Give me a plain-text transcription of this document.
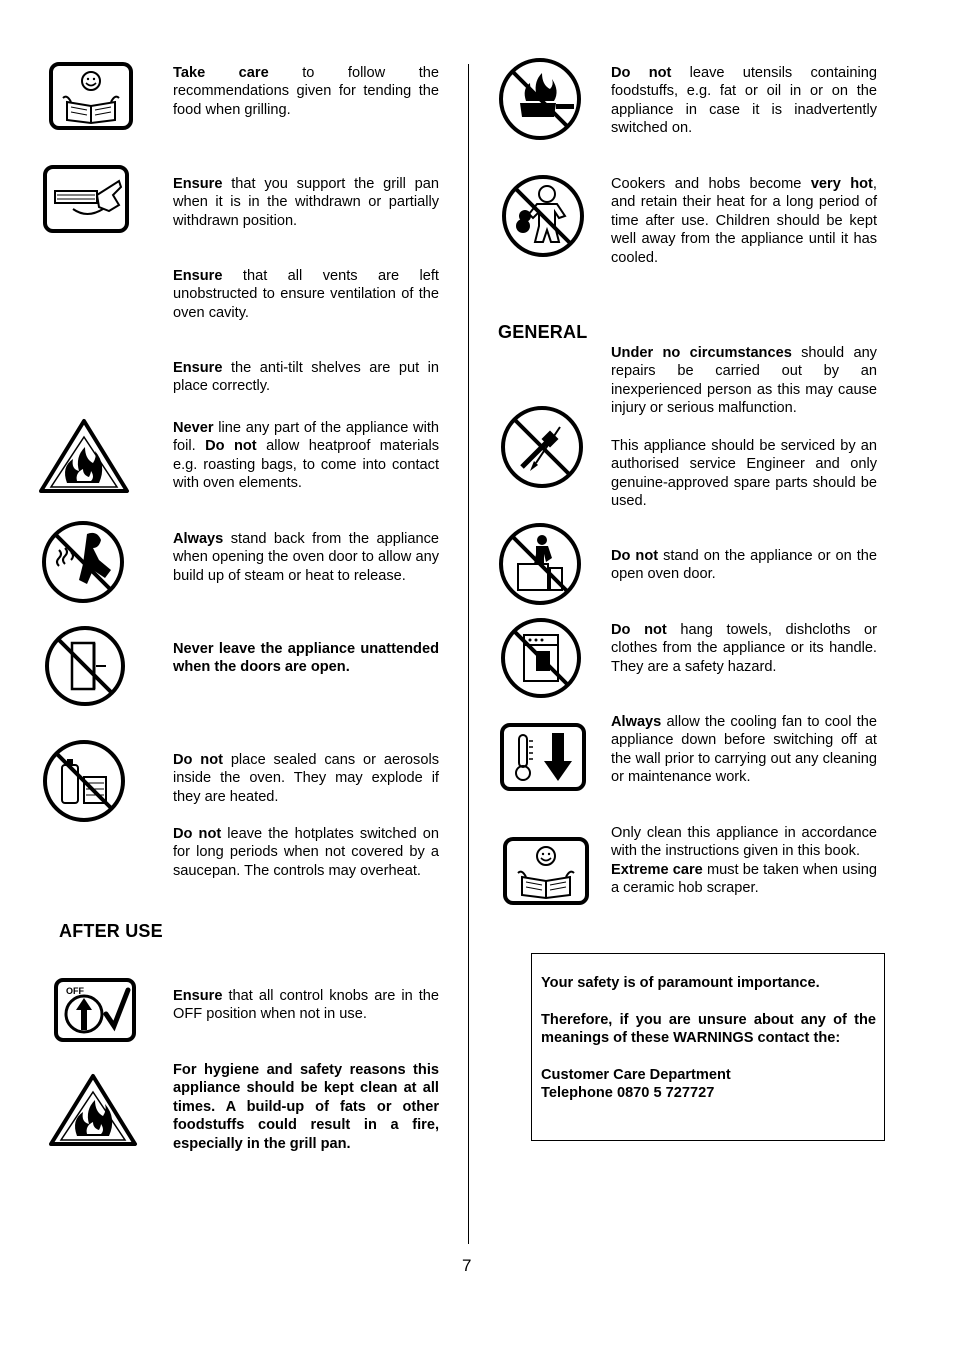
Take care to follow the recommendations given for tending the food when grilling.

Ensure that you support the grill pan when it is in the withdrawn or partially withdrawn position.

Ensure that all vents are left unobstructed to ensure ventilation of the oven cavity.

Ensure the anti-tilt shelves are put in place correctly.

Never line any part of the appliance with foil. Do not allow heatproof materials e.g. roasting bags, to come into contact with oven elements.

Always stand back from the appliance when opening the oven door to allow any build up of steam or heat to release.

Never leave the appliance unattended when the doors are open.

Do not place sealed cans or aerosols inside the oven. They may explode if they are heated.

Do not leave the hotplates switched on for long periods when not covered by a saucepan. The controls may overheat.

AFTER USE
OFF	Ensure that all control knobs are in the OFF position when not in use.

For hygiene and safety reasons this appliance should be kept clean at all times. A build-up of fats or other foodstuffs could result in a fire, especially in the grill pan.

Do not leave utensils containing foodstuffs, e.g. fat or oil in or on the appliance in case it is inadvertently switched on.

Cookers and hobs become very hot, and retain their heat for a long period of time after use. Children should be kept well away from the appliance until it has cooled.

GENERAL

Under no circumstances should any repairs be carried out by an inexperienced person as this may cause injury or serious malfunction.

This appliance should be serviced by an authorised service Engineer and only genuine-approved spare parts should be used.

Do not stand on the appliance or on the open oven door.

Do not hang towels, dishcloths or clothes from the appliance or its handle. They are a safety hazard.

Always allow the cooling fan to cool the appliance down before switching off at the wall prior to carrying out any cleaning or maintenance work.

Only clean this appliance in accordance with the instructions given in this book.

Extreme care must be taken when using a ceramic hob scraper.

Your safety is of paramount importance.

Therefore, if you are unsure about any of the meanings of these WARNINGS contact the:

Customer Care Department

Telephone 0870 5 727727

7
